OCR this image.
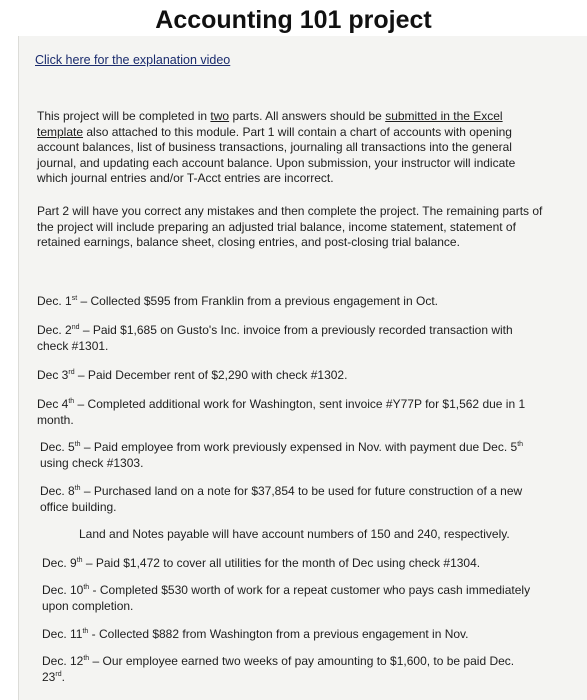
Accounting 101 project
Click here for the explanation video

This project will be completed in two parts. All answers should be submitted in the Excel template also attached to this module. Part 1 will contain a chart of accounts with opening account balances, list of business transactions, journaling all transactions into the general journal, and updating each account balance. Upon submission, your instructor will indicate which journal entries and/or T-Acct entries are incorrect.

Part 2 will have you correct any mistakes and then complete the project. The remaining parts of the project will include preparing an adjusted trial balance, income statement, statement of retained earnings, balance sheet, closing entries, and post-closing trial balance.

Dec. 1st – Collected $595 from Franklin from a previous engagement in Oct.

Dec. 2nd – Paid $1,685 on Gusto's Inc. invoice from a previously recorded transaction with check #1301.

Dec 3rd – Paid December rent of $2,290 with check #1302.

Dec 4th – Completed additional work for Washington, sent invoice #Y77P for $1,562 due in 1 month.

Dec. 5th – Paid employee from work previously expensed in Nov. with payment due Dec. 5th using check #1303.

Dec. 8th – Purchased land on a note for $37,854 to be used for future construction of a new office building.

Land and Notes payable will have account numbers of 150 and 240, respectively.

Dec. 9th – Paid $1,472 to cover all utilities for the month of Dec using check #1304.

Dec. 10th - Completed $530 worth of work for a repeat customer who pays cash immediately upon completion.

Dec. 11th - Collected $882 from Washington from a previous engagement in Nov.

Dec. 12th – Our employee earned two weeks of pay amounting to $1,600, to be paid Dec. 23rd.
